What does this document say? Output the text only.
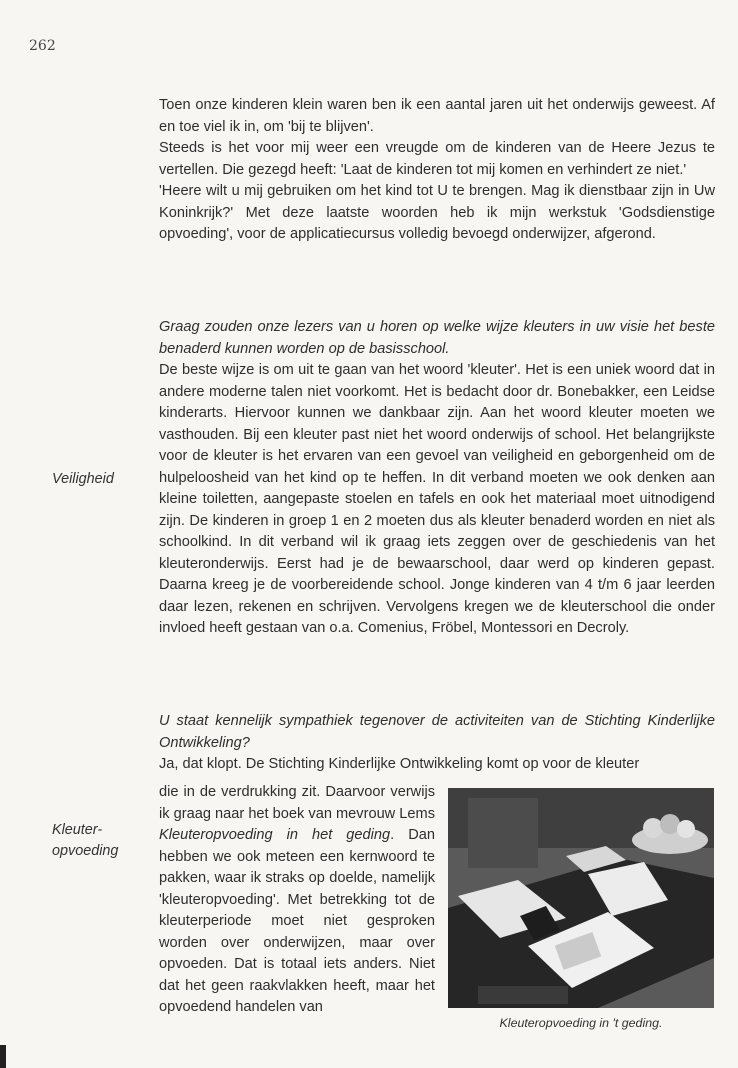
262

Toen onze kinderen klein waren ben ik een aantal jaren uit het onderwijs geweest. Af en toe viel ik in, om 'bij te blijven'.

Steeds is het voor mij weer een vreugde om de kinderen van de Heere Jezus te vertellen. Die gezegd heeft: 'Laat de kinderen tot mij komen en verhindert ze niet.'

'Heere wilt u mij gebruiken om het kind tot U te brengen. Mag ik dienstbaar zijn in Uw Koninkrijk?' Met deze laatste woorden heb ik mijn werkstuk 'Godsdienstige opvoeding', voor de applicatiecursus volledig bevoegd onderwijzer, afgerond.

Graag zouden onze lezers van u horen op welke wijze kleuters in uw visie het beste benaderd kunnen worden op de basisschool.

De beste wijze is om uit te gaan van het woord 'kleuter'. Het is een uniek woord dat in andere moderne talen niet voorkomt. Het is bedacht door dr. Bonebakker, een Leidse kinderarts. Hiervoor kunnen we dankbaar zijn. Aan het woord kleuter moeten we vasthouden. Bij een kleuter past niet het woord onderwijs of school. Het belangrijkste voor de kleuter is het ervaren van een gevoel van veiligheid en geborgenheid om de hulpeloosheid van het kind op te heffen. In dit verband moeten we ook denken aan kleine toiletten, aangepaste stoelen en tafels en ook het materiaal moet uitnodigend zijn. De kinderen in groep 1 en 2 moeten dus als kleuter benaderd worden en niet als schoolkind. In dit verband wil ik graag iets zeggen over de geschiedenis van het kleuteronderwijs. Eerst had je de bewaarschool, daar werd op kinderen gepast. Daarna kreeg je de voorbereidende school. Jonge kinderen van 4 t/m 6 jaar leerden daar lezen, rekenen en schrijven. Vervolgens kregen we de kleuterschool die onder invloed heeft gestaan van o.a. Comenius, Fröbel, Montessori en Decroly.

Veiligheid

U staat kennelijk sympathiek tegenover de activiteiten van de Stichting Kinderlijke Ontwikkeling?

Ja, dat klopt. De Stichting Kinderlijke Ontwikkeling komt op voor de kleuter

die in de verdrukking zit. Daarvoor verwijs ik graag naar het boek van mevrouw Lems Kleuteropvoeding in het geding. Dan hebben we ook meteen een kernwoord te pakken, waar ik straks op doelde, namelijk 'kleuteropvoeding'. Met betrekking tot de kleuterperiode moet niet gesproken worden over onderwijzen, maar over opvoeden. Dat is totaal iets anders. Niet dat het geen raakvlakken heeft, maar het opvoedend handelen van

Kleuter-
opvoeding
Kleuteropvoeding in 't geding.
